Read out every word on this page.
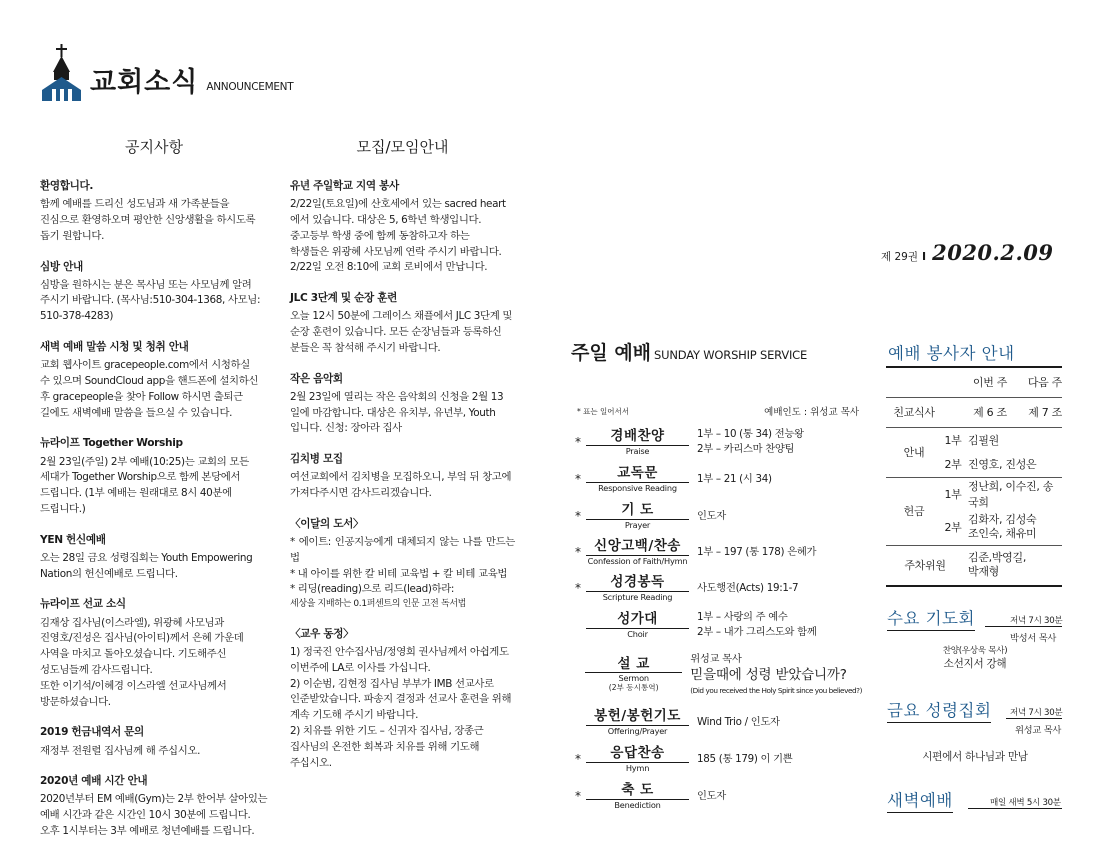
교회소식 ANNOUNCEMENT
공지사항	모집/모임안내
환영합니다.
함께 예배를 드리신 성도님과 새 가족분들을
진심으로 환영하오며 평안한 신앙생활을 하시도록
돕기 원합니다.
심방 안내
심방을 원하시는 분은 목사님 또는 사모님께 알려
주시기 바랍니다. (목사님:510-304-1368, 사모님:
510-378-4283)
새벽 예배 말씀 시청 및 청취 안내
교회 웹사이트 gracepeople.com에서 시청하실
수 있으며 SoundCloud app을 핸드폰에 설치하신
후 gracepeople을 찾아 Follow 하시면 출퇴근
길에도 새벽예배 말씀을 들으실 수 있습니다.
뉴라이프 Together Worship
2월 23일(주일) 2부 예배(10:25)는 교회의 모든
세대가 Together Worship으로 함께 본당에서
드립니다. (1부 예배는 원래대로 8시 40분에
드립니다.)
YEN 헌신예배
오는 28일 금요 성령집회는 Youth Empowering
Nation의 헌신예배로 드립니다.
뉴라이프 선교 소식
김재상 집사님(이스라엘), 위광혜 사모님과
진영호/진성은 집사님(아이티)께서 은혜 가운데
사역을 마치고 돌아오셨습니다. 기도해주신
성도님들께 감사드립니다.
또한 이기석/이혜경 이스라엘 선교사님께서
방문하셨습니다.
2019 헌금내역서 문의
재정부 전원렬 집사님께 해 주십시오.
2020년 예배 시간 안내
2020년부터 EM 예배(Gym)는 2부 한어부 살아있는
예배 시간과 같은 시간인 10시 30분에 드립니다.
오후 1시부터는 3부 예배로 청년예배를 드립니다.
유년 주일학교 지역 봉사
2/22일(토요일)에 산호세에서 있는 sacred heart
에서 있습니다. 대상은 5, 6학년 학생입니다.
중고등부 학생 중에 함께 동참하고자 하는
학생들은 위광혜 사모님께 연락 주시기 바랍니다.
2/22일 오전 8:10에 교회 로비에서 만납니다.
JLC 3단계 및 순장 훈련
오늘 12시 50분에 그레이스 채플에서 JLC 3단계 및
순장 훈련이 있습니다. 모든 순장님들과 등록하신
분들은 꼭 참석해 주시기 바랍니다.
작은 음악회
2월 23일에 열리는 작은 음악회의 신청을 2월 13
일에 마감합니다. 대상은 유치부, 유년부, Youth
입니다. 신청: 장아라 집사
김치병 모집
여선교회에서 김치병을 모집하오니, 부엌 뒤 창고에
가져다주시면 감사드리겠습니다.
〈이달의 도서〉
* 에이트: 인공지능에게 대체되지 않는 나를 만드는 법
* 내 아이를 위한 칼 비테 교육법 + 칼 비테 교육법
* 리딩(reading)으로 리드(lead)하라:
세상을 지배하는 0.1퍼센트의 인문 고전 독서법
〈교우 동정〉
1) 정국진 안수집사님/정영희 권사님께서 아쉽게도
이번주에 LA로 이사를 가십니다.
2) 이순범, 김현정 집사님 부부가 IMB 선교사로
인준받았습니다. 파송지 결정과 선교사 훈련을 위해
계속 기도해 주시기 바랍니다.
2) 치유를 위한 기도 – 신귀자 집사님, 장종근
집사님의 온전한 회복과 치유를 위해 기도해
주십시오.
제 29권 I 2020.2.09
주일 예배 SUNDAY WORSHIP SERVICE
* 표는 일어서서	예배인도 : 위성교 목사
*	경배찬양
Praise
1부 – 10 (통 34) 전능왕
2부 – 카리스마 찬양팀
*	교독문
Responsive Reading
1부 – 21 (시 34)
*	기 도
Prayer
인도자
* 신앙고백/찬송
Confession of Faith/Hymn
1부 – 197 (통 178) 은혜가
*	성경봉독
Scripture Reading
사도행전(Acts) 19:1-7
성가대
Choir
1부 – 사랑의 주 예수
2부 – 내가 그리스도와 함께
설 교
Sermon
(2부 동시통역)
위성교 목사
믿을때에 성령 받았습니까?
(Did you received the Holy Spirit since you believed?)
봉헌/봉헌기도
Offering/Prayer
Wind Trio / 인도자
*	응답찬송
Hymn
185 (통 179) 이 기쁜
*	축 도
Benediction
인도자
예배 봉사자 안내
		이번 주	다음 주
친교식사		제 6 조	제 7 조
안내	1부	김필원	
	2부	진영호, 진성은	
헌금	1부	정난희, 이수진, 송국희	
	2부	김화자, 김성숙
조인숙, 채유미	

주차위원		김준,박영길,
박재형	
수요 기도회	저녁 7시 30분
박성서 목사
찬양(우상욱 목사)
소선지서 강해
금요 성령집회 저녁 7시 30분
위성교 목사
시편에서 하나님과 만남
새벽예배	매일 새벽 5시 30분
